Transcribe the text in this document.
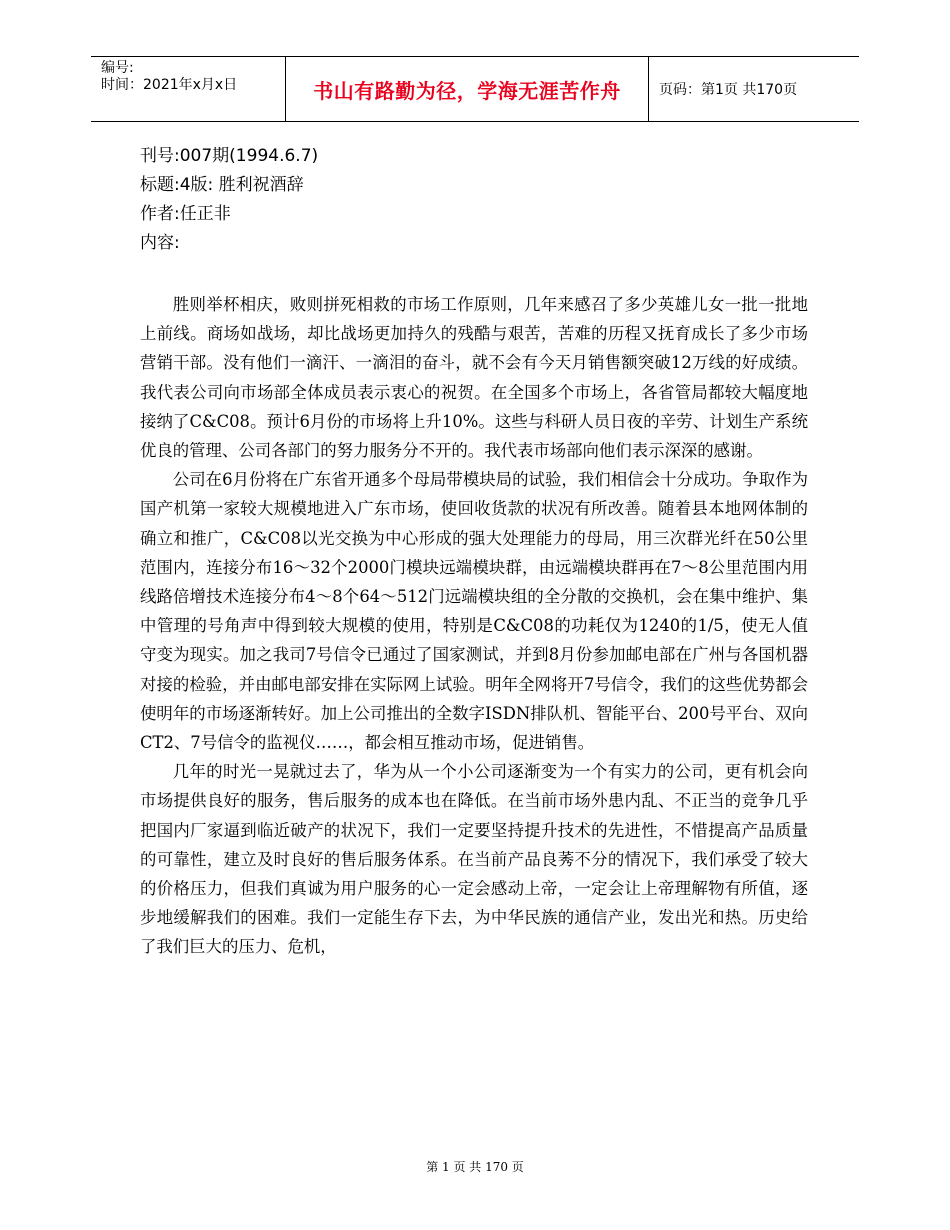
编号:
时间：2021年x月x日	书山有路勤为径，学海无涯苦作舟	页码：第1页 共170页
刊号:007期(1994.6.7)
标题:4版: 胜利祝酒辞
作者:任正非
内容:

胜则举杯相庆，败则拼死相救的市场工作原则，几年来感召了多少英雄儿女一批一批地上前线。商场如战场，却比战场更加持久的残酷与艰苦，苦难的历程又抚育成长了多少市场营销干部。没有他们一滴汗、一滴泪的奋斗，就不会有今天月销售额突破12万线的好成绩。我代表公司向市场部全体成员表示衷心的祝贺。在全国多个市场上，各省管局都较大幅度地接纳了C&C08。预计6月份的市场将上升10%。这些与科研人员日夜的辛劳、计划生产系统优良的管理、公司各部门的努力服务分不开的。我代表市场部向他们表示深深的感谢。

公司在6月份将在广东省开通多个母局带模块局的试验，我们相信会十分成功。争取作为国产机第一家较大规模地进入广东市场，使回收货款的状况有所改善。随着县本地网体制的确立和推广，C&C08以光交换为中心形成的强大处理能力的母局，用三次群光纤在50公里范围内，连接分布16～32个2000门模块远端模块群，由远端模块群再在7～8公里范围内用线路倍增技术连接分布4～8个64～512门远端模块组的全分散的交换机，会在集中维护、集中管理的号角声中得到较大规模的使用，特别是C&C08的功耗仅为1240的1/5，使无人值守变为现实。加之我司7号信令已通过了国家测试，并到8月份参加邮电部在广州与各国机器对接的检验，并由邮电部安排在实际网上试验。明年全网将开7号信令，我们的这些优势都会使明年的市场逐渐转好。加上公司推出的全数字ISDN排队机、智能平台、200号平台、双向CT2、7号信令的监视仪……，都会相互推动市场，促进销售。

几年的时光一晃就过去了，华为从一个小公司逐渐变为一个有实力的公司，更有机会向市场提供良好的服务，售后服务的成本也在降低。在当前市场外患内乱、不正当的竞争几乎把国内厂家逼到临近破产的状况下，我们一定要坚持提升技术的先进性，不惜提高产品质量的可靠性，建立及时良好的售后服务体系。在当前产品良莠不分的情况下，我们承受了较大的价格压力，但我们真诚为用户服务的心一定会感动上帝，一定会让上帝理解物有所值，逐步地缓解我们的困难。我们一定能生存下去，为中华民族的通信产业，发出光和热。历史给了我们巨大的压力、危机，

第 1 页 共 170 页
